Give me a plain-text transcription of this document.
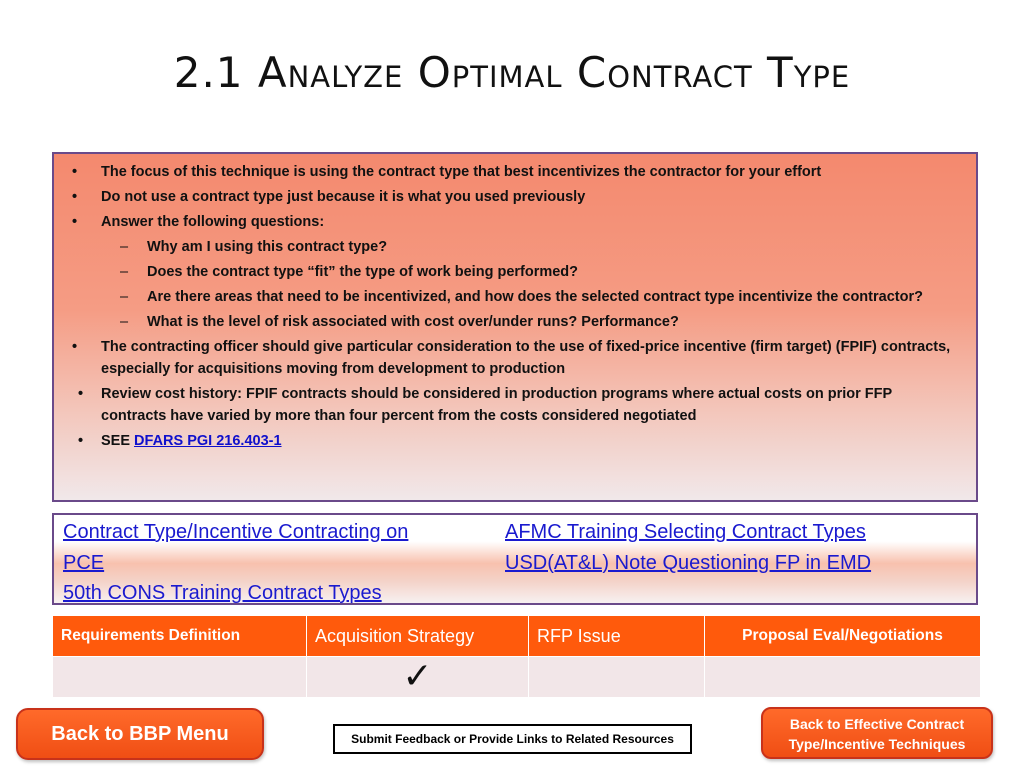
2.1 Analyze Optimal Contract Type
• The focus of this technique is using the contract type that best incentivizes the contractor for your effort
• Do not use a contract type just because it is what you used previously
• Answer the following questions:
– Why am I using this contract type?
– Does the contract type “fit” the type of work being performed?
– Are there areas that need to be incentivized, and how does the selected contract type incentivize the contractor?
– What is the level of risk associated with cost over/under runs? Performance?
• The contracting officer should give particular consideration to the use of fixed-price incentive (firm target) (FPIF) contracts, especially for acquisitions moving from development to production
• Review cost history: FPIF contracts should be considered in production programs where actual costs on prior FFP contracts have varied by more than four percent from the costs considered negotiated
• SEE DFARS PGI 216.403-1
Contract Type/Incentive Contracting on
PCE
50th CONS Training Contract Types
AFMC Training Selecting Contract Types
USD(AT&L) Note Questioning FP in EMD
Requirements Definition	Acquisition Strategy	RFP Issue	Proposal Eval/Negotiations
	✓		
Back to BBP Menu	Submit Feedback or Provide Links to Related Resources
Back to Effective Contract
Type/Incentive Techniques
